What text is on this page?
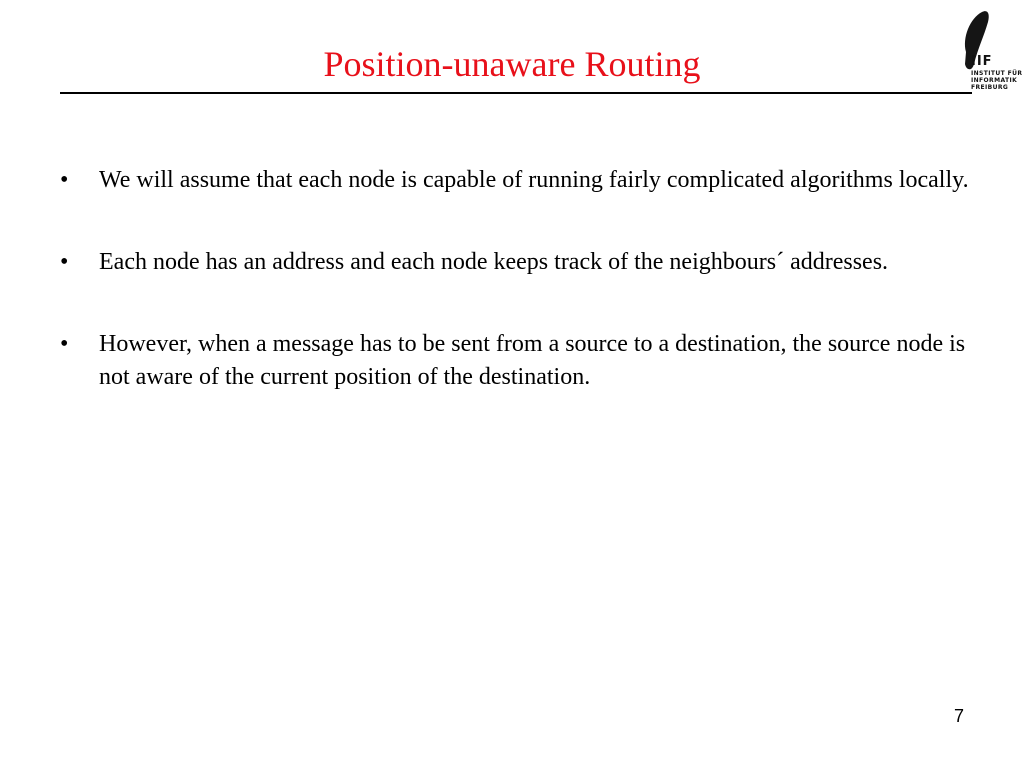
Position-unaware Routing	IIF
INSTITUT FÜR
INFORMATIK
FREIBURG
•	We will assume that each node is capable of running fairly complicated algorithms locally.
•	Each node has an address and each node keeps track of the neighbours´ addresses.
•	However, when a message has to be sent from a source to a destination, the source node is not aware of the current position of the destination.
7
